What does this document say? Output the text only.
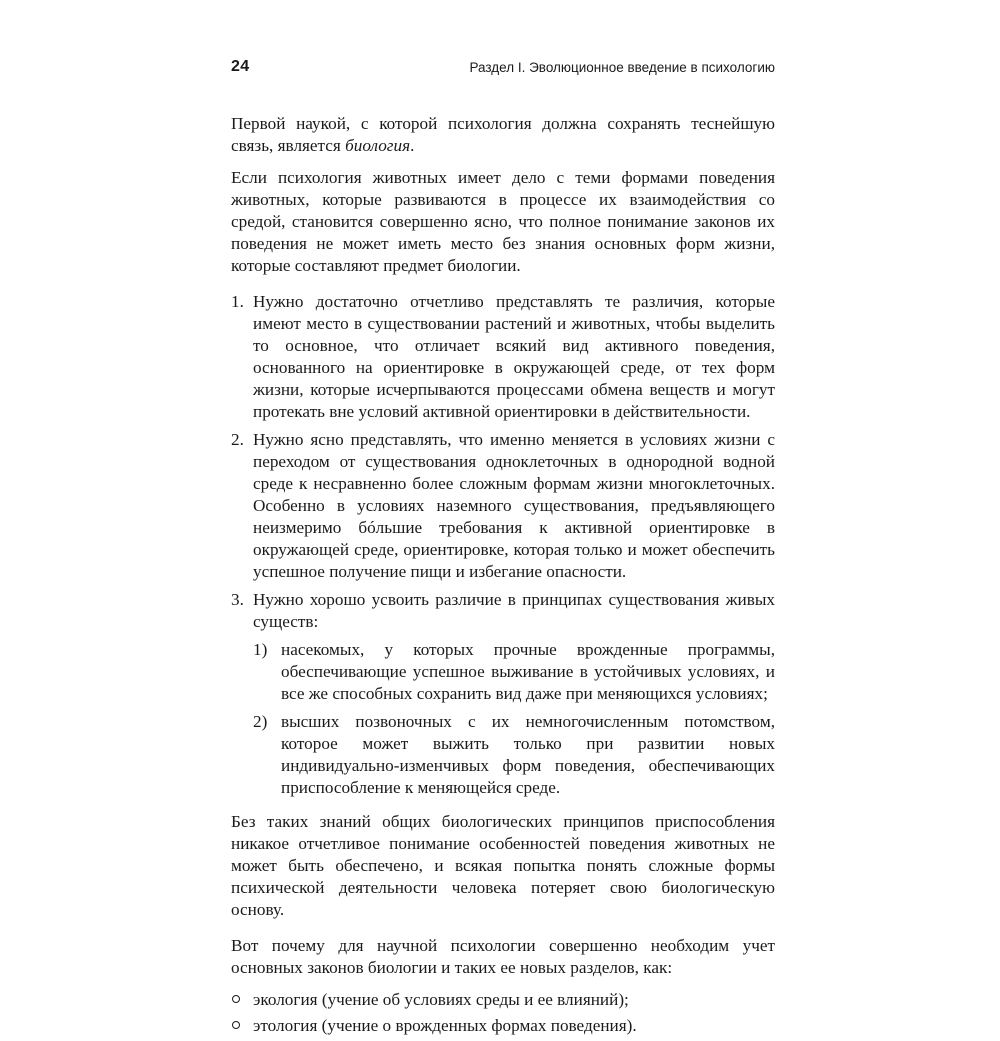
24	Раздел I. Эволюционное введение в психологию

Первой наукой, с которой психология должна сохранять теснейшую связь, является биология.

Если психология животных имеет дело с теми формами поведения животных, которые развиваются в процессе их взаимодействия со средой, становится совершенно ясно, что полное понимание законов их поведения не может иметь место без знания основных форм жизни, которые составляют предмет биологии.

1. Нужно достаточно отчетливо представлять те различия, которые имеют место в существовании растений и животных, чтобы выделить то основное, что отличает всякий вид активного поведения, основанного на ориентировке в окружающей среде, от тех форм жизни, которые исчерпываются процессами обмена веществ и могут протекать вне условий активной ориентировки в действительности.
2. Нужно ясно представлять, что именно меняется в условиях жизни с переходом от существования одноклеточных в однородной водной среде к несравненно более сложным формам жизни многоклеточных. Особенно в условиях наземного существования, предъявляющего неизмеримо бóльшие требования к активной ориентировке в окружающей среде, ориентировке, которая только и может обеспечить успешное получение пищи и избегание опасности.
3. Нужно хорошо усвоить различие в принципах существования живых существ:
1) насекомых, у которых прочные врожденные программы, обеспечивающие успешное выживание в устойчивых условиях, и все же способных сохранить вид даже при меняющихся условиях;
2) высших позвоночных с их немногочисленным потомством, которое может выжить только при развитии новых индивидуально-изменчивых форм поведения, обеспечивающих приспособление к меняющейся среде.

Без таких знаний общих биологических принципов приспособления никакое отчетливое понимание особенностей поведения животных не может быть обеспечено, и всякая попытка понять сложные формы психической деятельности человека потеряет свою биологическую основу.

Вот почему для научной психологии совершенно необходим учет основных законов биологии и таких ее новых разделов, как:

экология (учение об условиях среды и ее влияний);
этология (учение о врожденных формах поведения).
